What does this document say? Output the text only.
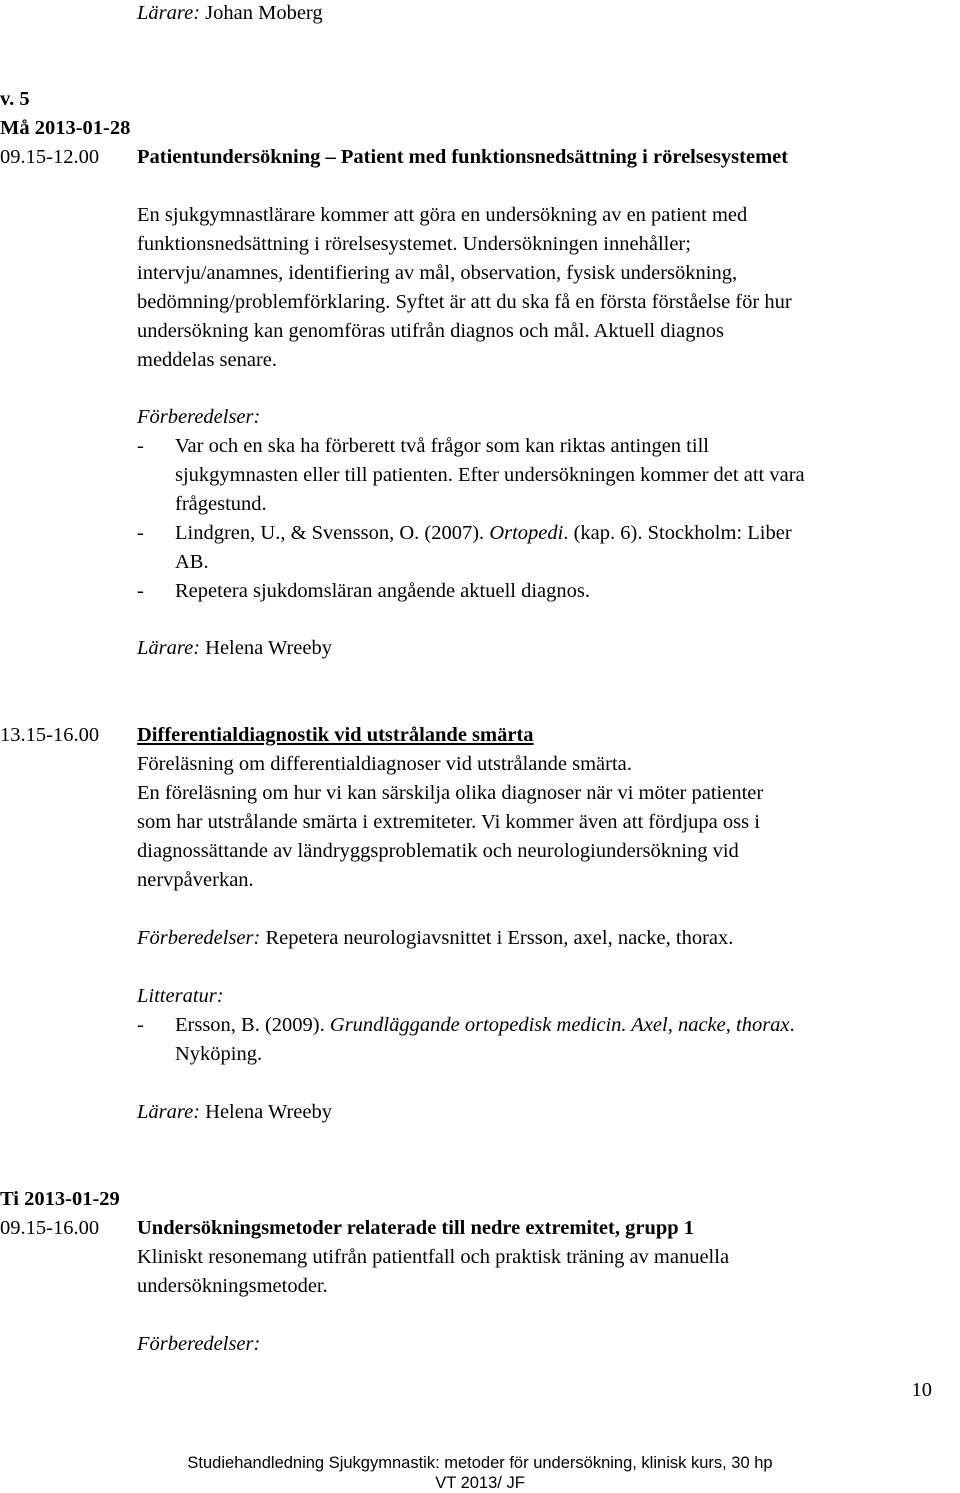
Lärare: Johan Moberg
v. 5
Må 2013-01-28
09.15-12.00 Patientundersökning – Patient med funktionsnedsättning i rörelsesystemet
En sjukgymnastlärare kommer att göra en undersökning av en patient med
funktionsnedsättning i rörelsesystemet. Undersökningen innehåller;
intervju/anamnes, identifiering av mål, observation, fysisk undersökning,
bedömning/problemförklaring. Syftet är att du ska få en första förståelse för hur
undersökning kan genomföras utifrån diagnos och mål. Aktuell diagnos
meddelas senare.
Förberedelser:
- Var och en ska ha förberett två frågor som kan riktas antingen till
sjukgymnasten eller till patienten. Efter undersökningen kommer det att vara
frågestund.
- Lindgren, U., & Svensson, O. (2007). Ortopedi. (kap. 6). Stockholm: Liber
AB.
- Repetera sjukdomsläran angående aktuell diagnos.
Lärare: Helena Wreeby
13.15-16.00 Differentialdiagnostik vid utstrålande smärta
Föreläsning om differentialdiagnoser vid utstrålande smärta.
En föreläsning om hur vi kan särskilja olika diagnoser när vi möter patienter
som har utstrålande smärta i extremiteter. Vi kommer även att fördjupa oss i
diagnossättande av ländryggsproblematik och neurologiundersökning vid
nervpåverkan.
Förberedelser: Repetera neurologiavsnittet i Ersson, axel, nacke, thorax.
Litteratur:
- Ersson, B. (2009). Grundläggande ortopedisk medicin. Axel, nacke, thorax.
Nyköping.
Lärare: Helena Wreeby
Ti 2013-01-29
09.15-16.00 Undersökningsmetoder relaterade till nedre extremitet, grupp 1
Kliniskt resonemang utifrån patientfall och praktisk träning av manuella
undersökningsmetoder.
Förberedelser:
10
Studiehandledning Sjukgymnastik: metoder för undersökning, klinisk kurs, 30 hp
VT 2013/ JF
